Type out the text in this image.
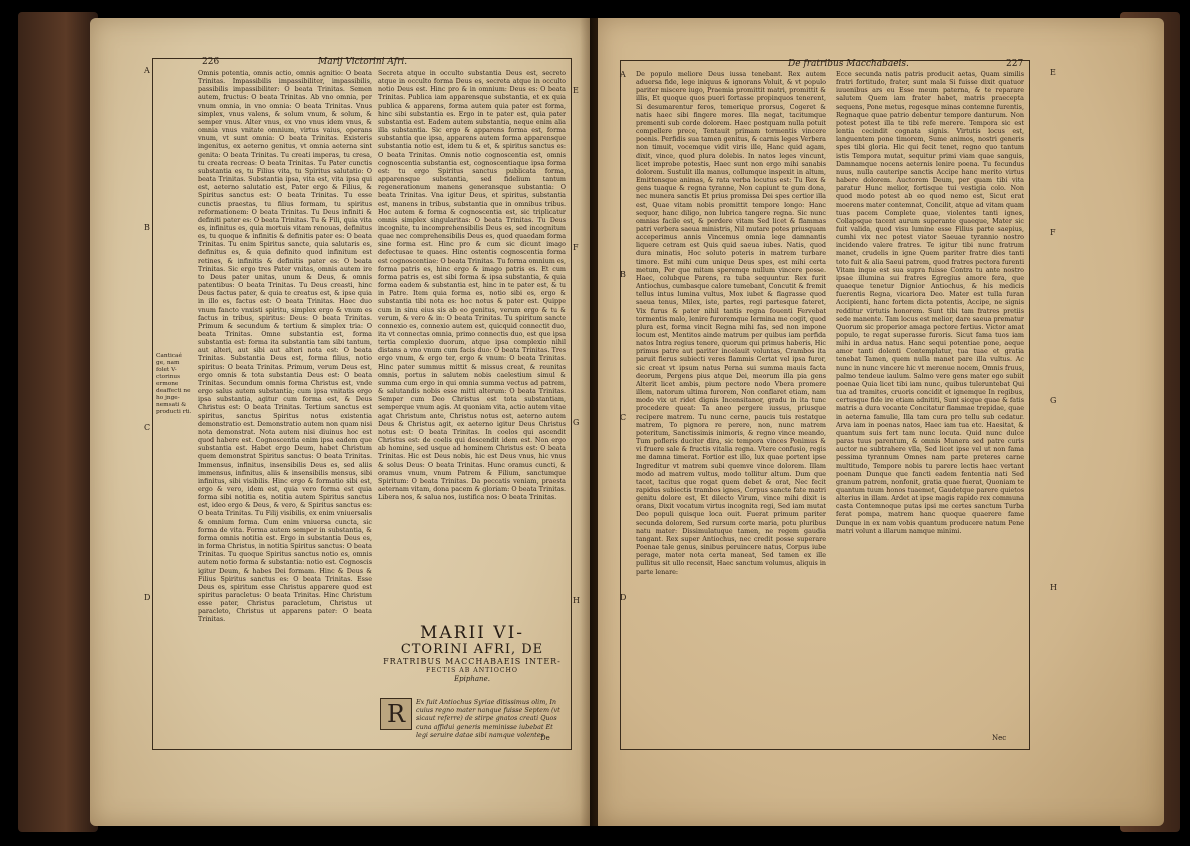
226	Marij Victorini Afri.
A
B
C
D
E
F
G
H
Canticaé ge, nam folet V-ctorinus ermone deaffecti ne ho jnge-nemsati & producti rti.

Omnis potentia, omnis actio, omnis agnitio: O beata Trinitas. Impassibilis impassibiliter, impassibilis, passibilis impassibiliter: O beata Trinitas. Semen autem, fructus: O beata Trinitas. Ab vno omnia, per vnum omnia, in vno omnia: O beata Trinitas. Vnus simplex, vnus valens, & solum vnum, & solum, & semper vnus. Alter vnus, ex vno vnus idem vnus, & omnia vnus vnitate omnium, virtus vaius, operans vnum, vt sunt omnia: O beata Trinitas. Existeris ingenitus, ex aeterno genitus, vt omnia aeterna sint genita: O beata Trinitas. Tu creati imperas, tu cresa, tu creata recreas: O beata Trinitas. Tu Pater cunctis substantia es, tu Filius vita, tu Spiritus salutatio: O beata Trinitas. Substantia ipsa, vita est, vita ipsa qui est, aeterno salutatio est, Pater ergo & Filius, & Spiritus sanctus est: O beata Trinitas. Tu esse cunctis praestas, tu filius formam, tu spiritus reformationem: O beata Trinitas. Tu Deus infiniti & definiti pater es: O beata Trinitas. Tu & Fili, quia vita es, infinitus es, quia mortuis vitam renouas, definitus es, tu quoque & infinitis & definitis pater es: O beata Trinitas. Tu enim Spiritus sancte, quia salutaris es, definitus es, & quia definito quod infinitum est retines, & infinitis & definitis pater es: O beata Trinitas. Sic ergo tres Pater vnitas, omnis autem ire to Deus pater unitas, unum & Deus, & omnis patentibus: O beata Trinitas. Tu Deus creasti, hinc Deus factus pater, & quia te creatus est, & ipse quia in illo es, factus est: O beata Trinitas. Haec duo vnum fancto vnxisti spiritu, simplex ergo & vnum es factus in tribus, spiritus: Deus: O beata Trinitas. Primum & secundum & tertium & simplex tria: O beata Trinitas. Omne substantia est, forma substantia est: forma ita substantia tam sibi tantum, aut alteri, aut sibi aut alteri nota est: O beata Trinitas. Substantia Deus est, forma filius, notio spiritus: O beata Trinitas. Primum, verum Deus est, ergo omnis & tota substantia Deus est: O beata Trinitas. Secundum omnis forma Christus est, vnde ergo salus autem substantia; cum ipsa vnitatis ergo ipsa substantia, agitur cum forma est, & Deus Christus est: O beata Trinitas. Tertium sanctus est spiritus, sanctus Spiritus notus existentia demonstratio est. Demonstratio autem non quam nisi nota demonstrat. Nota autem nisi diuinus hoc est quod habere est. Cognoscentia enim ipsa eadem que substantia est. Habet ergo Deum, habet Christum quem demonstrat Spiritus sanctus: O beata Trinitas. Immensus, infinitus, insensibilis Deus es, sed aliis immensus, infinitus, aliis & insensibilis mensus, sibi infinitus, sibi visibilis. Hinc ergo & formatio sibi est, ergo & vero, idem est, quia vero forma est quia forma sibi notitia es, notitia autem Spiritus sanctus est, ideo ergo & Deus, & vero, & Spiritus sanctus es: O beata Trinitas. Tu Filij visibilis, ex enim vniuersalis & omnium forma. Cum enim vniuersa cuncta, sic forma de vita. Forma autem semper in substantia, & forma omnis notitia est. Ergo in substantia Deus es, in forma Christus, in notitia Spiritus sanctus: O beata Trinitas. Tu quoque Spiritus sanctus notio es, omnis autem notio forma & substantia: notio est. Cognoscis igitur Deum, & habes Dei formam. Hinc & Deus & Filius Spiritus sanctus es: O beata Trinitas. Esse Deus es, spiritum esse Christus apparere quod est spiritus paracletus: O beata Trinitas. Hinc Christum esse pater, Christus paracletum, Christus ut paracleto, Christus ut apparens pater: O beata Trinitas.

Secreta atque in occulto substantia Deus est, secreto atque in occulto forma Deus es, secreta atque in occulto notio Deus est. Hinc pro & in omnium: Deus es: O beata Trinitas. Publica iam apparensque substantia, et ex quia publica & apparens, forma autem quia pater est forma, hinc sibi substantia es. Ergo in te pater est, quia pater substantia est. Eadem autem substantia, neque enim alia illa substantia. Sic ergo & apparens forma est, forma substantia que ipsa, apparens autem forma apparensque substantia notio est, idem tu & et, & spiritus sanctus es: O beata Trinitas. Omnis notio cognoscentia est, omnis cognoscentia substantia est, cognoscentiaque ipsa forma est: tu ergo Spiritus sanctus publicata forma, apparensque substantia, sed fidelium tantum regenerationum manens generansque substantia: O beata Trinitas. Vna igitur Deus, et spiritus, substantia est, manens in tribus, substantia que in omnibus tribus. Hoc autem & forma & cognoscentia est, sic triplicatur omnis simplex singularitas: O beata Trinitas. Tu Deus incognite, tu incomprehensibilis Deus es, sed incognitum quae nec comprehensibilis Deus es, quod quaedam forma sine forma est. Hinc pro & cum sic dicunt imago defectusae te quaes. Hinc ostentis cognoscentia forma est cognoscentiae: O beata Trinitas. Tu forma omnium es, forma patris es, hinc ergo & imago patris es. Et cum forma patris es, est sibi forma & ipsa substantia, & quia forma eadem & substantia est, hinc in te pater est, & tu in Patre. Item quia forma es, notio sibi es, ergo & substantia tibi nota es: hoc notus & pater est. Quippe cum in sinu eius sis ab eo genitus, verum ergo & tu & verum, & vero & in: O beata Trinitas. Tu spiritum sancte connexio es, connexio autem est, quicquid connectit duo, ita vt connectas omnia, primo connectis duo, est que ipsa tertia complexio duorum, atque ipsa complexio nihil distans a vno vnum cum facis duo: O beata Trinitas. Tres ergo vnum, & ergo ter, ergo & vnum: O beata Trinitas. Hinc pater summus mittit & missus creat, & reunitas omnis, portus in salutem nobis caelestium simul & summa cum ergo in qui omnia summa vectus ad patrem, & salutandis nobis esse mitti alterum: O beata Trinitas. Semper cum Deo Christus est tota substantiam, semperque vnum agis. At quoniam vita, actio autem vitae agat Christum ante, Christus notus est, aeterno autem Deus & Christus agit, ex aeterno igitur Deus Christus notus est: O beata Trinitas. In coelos qui ascendit Christus est: de coelis qui descendit idem est. Non ergo ab homine, sed usque ad hominem Christus est: O beata Trinitas. Hic est Deus nobis, hic est Deus vnus, hic vnus & solus Deus: O beata Trinitas. Hunc oramus cuncti, & oramus vnum, vnum Patrem & Filium, sanctumque Spiritum: O beata Trinitas. Da peccatis veniam, praesta aeternam vitam, dona pacem & gloriam: O beata Trinitas. Libera nos, & salua nos, iustifica nos: O beata Trinitas.

MARII VI-
CTORINI AFRI, DE
FRATRIBUS MACCHABAEIS INTER-
FECTIS AB ANTIOCHO
Epiphane.
R	Ex fuit Antiochus Syriae ditissimus olim, In cuius regno mater nanque fuisse Septem (vt sicaut referre) de stirpe gnatos creati Quos cuna affidui generis meminisse iubebat Et legi seruire datae sibi namque volentes
De
De fratribus Macchabaeis.	227
A
B
C
D
E
F
G
H

De populo meliore Deus iussa tenebant. Rex autem aduersa fide, lege iniquus & ignorans Voluit, & vt populo pariter miscere iugo, Praemia promittit matri, promittit & illis, Et quoque quos pueri fortasse propinquos tenerent, Si desumarentur feros, temerique prorsus, Cogeret & natis haec sibi fingere mores. Illa negat, tacitumque prementi sub corde dolorem. Haec postquam nulla potuit compellere prece, Tentauit primam tormentis vincere poenis. Perfidis sua tamen genitus, & carnis leges Verbera non timuit, vocemque vidit viris ille, Hanc quid agam, dixit, vince, quod plura dolebis. In natos leges vincunt, licet improbe potestis, Haec sunt non ergo mihi sanabis dolorem. Sustulit illa manus, collumque inspexit in altum, Emittensque animas, & rata verba locutus est: Tu Rex & gens tuaque & regna tyranne, Non capiunt te gum dona, nec munera sanctis Et prius promissa Dei spes certior illa est, Quae vitam nobis promittit tempore longo: Hanc sequor, hanc diligo, non lubrica tangere regna. Sic nunc omnias facile est, & perdere vitam Sed licet & flammas patri verbera saeua ministris, Nil mutare potes priusquam acceperimus annis Vincemus omnia lege damnantis liquere cetram est Quis quid saeua iubes. Natis, quod dura minatis, Hoc soluto poteris in matrem turbare timore. Est mihi cum unique Deus spes, est mihi certa metum, Per que mitam speremqe nullum vincere posse. Haec, colubque Parens, ra tuba sequuntur. Rex furit Antiochus, cumbasque calore tumebant, Concutit & fremit tellus intus lumina vultus, Mox iubet & flagrasse quod saeua tenus, Milex, iste, partes, regi partesque fateret, Vix furus & pater nihil tantis regna fouenti Fervebat tormentis malo, lenire furoremque Iermina me cogit, quod plura est, forma vincit Regna mihi fas, sed non impone locum est, Mentitos ainde matrum per quibus iam perfida natos Intra regius tenere, quorum qui primus haberis, Hic primus patre aut pariter incelauit voluntas, Crambos ita paruit fierus subiecti veres flammis Certat vel ipsa furor, sic creat vt ipsum natus Perna sui summa mauis facta deorum, Pergens pius atque Dei, meorum illa pia gens Alterit licet ambis, pium pectore nodo Vbera promere illem, natorum ultima furorem, Non conflaret etiam, nam modo vix ut ridet dignis Incensitanor, gradu in ita tunc procedere queat: Ta aneo pergere iussus, priusque recipere matrem. Tu nunc cerne, paucis tuis restatque matrem, To pignora re perere, non, nunc matrem poteritum, Sanctissimis inimoris, & regno vince meando, Tum pofleris duciter dira, sic tempora vinces Ponimus & vi fruere sale & fructis vitalia regna. Vtere confusio, regis me damna timerat. Fortior est illo, lux quae portent ipse Ingreditur vt matrem subi quemve vince dolorem. Illam modo ad matrem vultus, modo tollitur altum. Dum que tacet, tacitus que rogat quem debet & orat, Nec fecit rapidus subiectis trambos ignes, Corpus sancte fate matri genitu dolore est, Et dilecto Virum, vince mihi dixit is orans, Dixit vocatum virtus incognita regi, Sed iam mutat Deo populi quisque loca ouit. Fuerat primum pariter secunda dolorem, Sed rursum corte maria, potu pluribus natu mater: Dissimulatuque tamen, ne regem gaudia tangant. Rex super Antiochus, nec credit posse superare Poenae tale genus, sinibus peruincere natus, Corpus iube perage, mater nota certa maneat, Sed tamen ex ille pullitus sit ullo recensit, Haec sanctum volumus, aliquis in parte lenare:

Ecce secunda natis patris producit aetas, Quam similis fratri fortitudo, frater, sunt mala Si fuisse dixit quatuor iuuenibus ars eu Esse meum paterna, & te reparare salutem Quem iam frater habet, matris praecepta sequens, Pone metus, regesque minas contemne furentis, Regnaque quae patrio debentur tempore danturum. Non potest potest illa te tibi refe merere. Tempora sic est lentia cecindit cognata signis. Virtutis locus est, languentem pone timorem, Sume animos, nostri generis spes tibi gloria. Hic qui fecit tenet, regno quo tantum istis Tempora mutat, sequitur primi viam quae sanguis, Damnamque nocens aeternis lenire poena. Tu fecundus nuus, nulla cauteripe sanctis Accipe hanc merito virtus habere dolorem. Auctorem Deum, per quam tibi vita paratur Hunc melior, fortisque tui vestigia colo. Non quod modo potest ab eo quod nemo est, Sicut erat moerens mater contemnat, Concilit, atque ad vitam quam tuas pacem Complete quae, violentes tanti ignes, Collapsque tacent aurum superante quaeque, Mater sic fuit valida, quod visu lumine esse Filius parte saepius, cumhi vix nec potest viator Saeuae tyrannio nostro incidendo valere fratres. Te igitur tibi nunc fratrum manet, crudelis in igne Quem pariter fratre dies tanti toto fuit & alia Saeui patrem, quod fratres pectora furenti Vitam inque est sua supra fuisse Contra tu ante nostro ipsae illumina sui fratres Egregius amore fera, que quaeque tenetur Dignior Antiochus, & his medicis fuerentis Regna, vicariora Deo. Mater est tulla furan Accipienti, hanc fortem dicta potentis, Accipe, ne signis redditur virtutis honorem. Sunt tibi tam fratres pretiis sede manente. Tam locus est melior, dare saeua prematur Quorum sic properior amaga pectore fertius. Victor amat populo, te regat superasse furoris. Sicut fama tuos iam mihi in ardua natus. Hanc sequi potentiae pone, aeque amor tanti dolenti Contemplatur, tua tuae et gratia tenebat Tamen, quem nulla manet pare illa vultus. Ac nunc in nunc vincere hic vt merenue nocem, Omnis fruus, palmo tendeue iaulum. Salmo vere gens mater ego subiit poenae Quia licet tibi iam nunc, quibus tuleruntebat Qui tua ad tramites, cruoris concidit et ignemque In regibus, certusque fide ire etiam adnititi, Sunt sicque quae & fatis matris a dura vocante Concitatur flammae trepidae, quae in aeterna famulie, Illa tam cura pro tellu sub cedatur. Arva iam in poenas natos, Haec iam tua etc. Haesitat, & quantum suis fert tam nunc locuta. Quid nunc dulce paras tuus parentum, & omnis Munera sed patre curis auctor ne subtrahere vlla, Sed licet ipse vel ut non fama pessima tyrannum Omnes nam parte preteres carne multitudo, Tempore nobis tu parere lectis haec vertant poenam Dunque que fancti eadem fententia nati Sed granum patrem, nonfonit, gratia quae fuerat, Quoniam te quantum tuum honos tuaemet, Gaudetque parere quietos alterius in illam. Ardet at ipse magis rapido rex communa casta Contemnoque putas ipsi me certes sanctum Turba ferat pompa, matrem hanc quoque quaerere fame Dunque in ex nam vobis quantum producere natum Pene matri volunt a illarum namque minimi.

Nec
